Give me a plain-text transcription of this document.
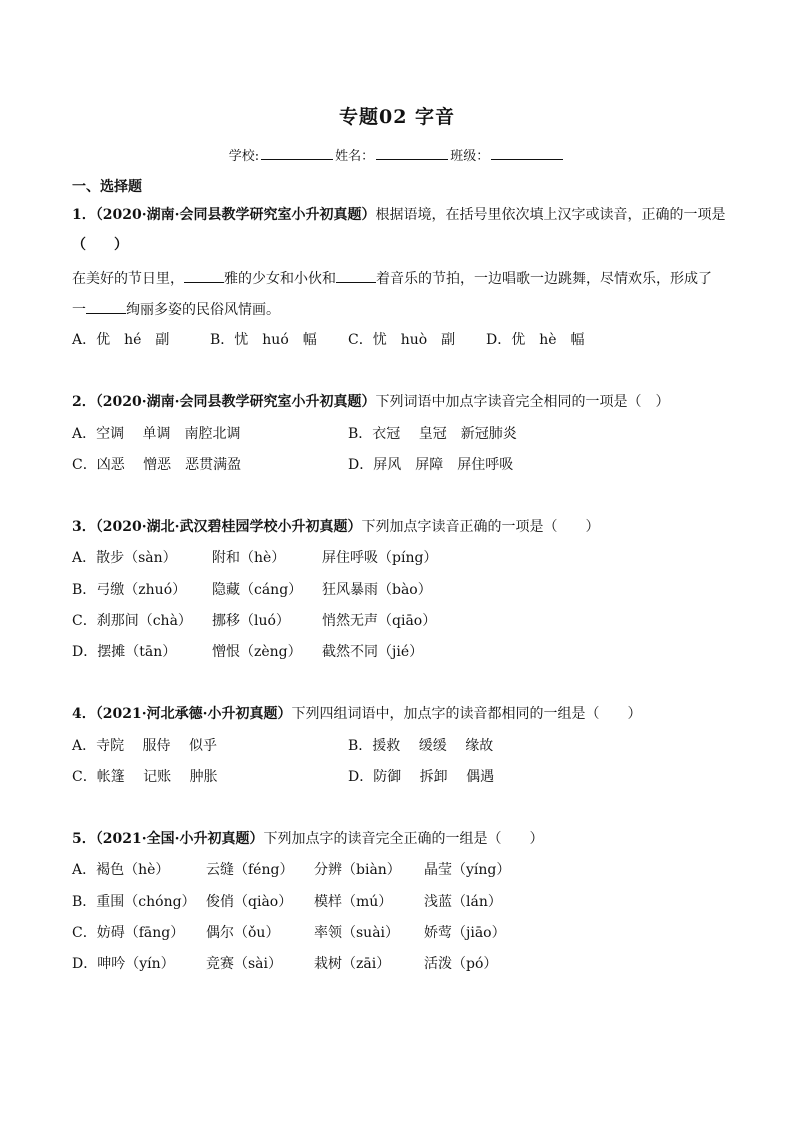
专题02 字音
学校:	姓名：	班级：
一、选择题
1．（2020·湖南·会同县教学研究室小升初真题）根据语境，在括号里依次填上汉字或读音，正确的一项是
（　　）
在美好的节日里，	雅的少女和小伙和	着音乐的节拍，一边唱歌一边跳舞，尽情欢乐，形成了
一	绚丽多姿的民俗风情画。
A．优　hé　副	B．忧　huó　幅 C．忧　huò　副 D．优　hè　幅
2．（2020·湖南·会同县教学研究室小升初真题）下列词语中加点字读音完全相同的一项是（　）
A．空调　 单调　南腔北调	B．衣冠　 皇冠　新冠肺炎
C．凶恶　 憎恶　恶贯满盈	D．屏风　屏障　屏住呼吸
3．（2020·湖北·武汉碧桂园学校小升初真题）下列加点字读音正确的一项是（　　）
A．散步（sàn）	附和（hè）	屏住呼吸（píng）
B．弓缴（zhuó） 隐藏（cáng） 狂风暴雨（bào）
C．刹那间（chà） 挪移（luó） 悄然无声（qiāo）
D．摆摊（tān）	憎恨（zèng） 截然不同（jié）
4．（2021·河北承德·小升初真题）下列四组词语中，加点字的读音都相同的一组是（　　）
A．寺院　 服侍　 似乎	B．援救　 缓缓　 缘故
C．帐篷　 记账　 肿胀	D．防御　 拆卸　 偶遇
5．（2021·全国·小升初真题）下列加点字的读音完全正确的一组是（　　）
A．褐色（hè）	云缝（féng） 分辨（biàn） 晶莹（yíng）
B．重围（chóng） 俊俏（qiào） 模样（mú） 浅蓝（lán）
C．妨碍（fāng） 偶尔（ǒu） 率领（suài） 娇莺（jiāo）
D．呻吟（yín） 竞赛（sài） 栽树（zāi） 活泼（pó）
